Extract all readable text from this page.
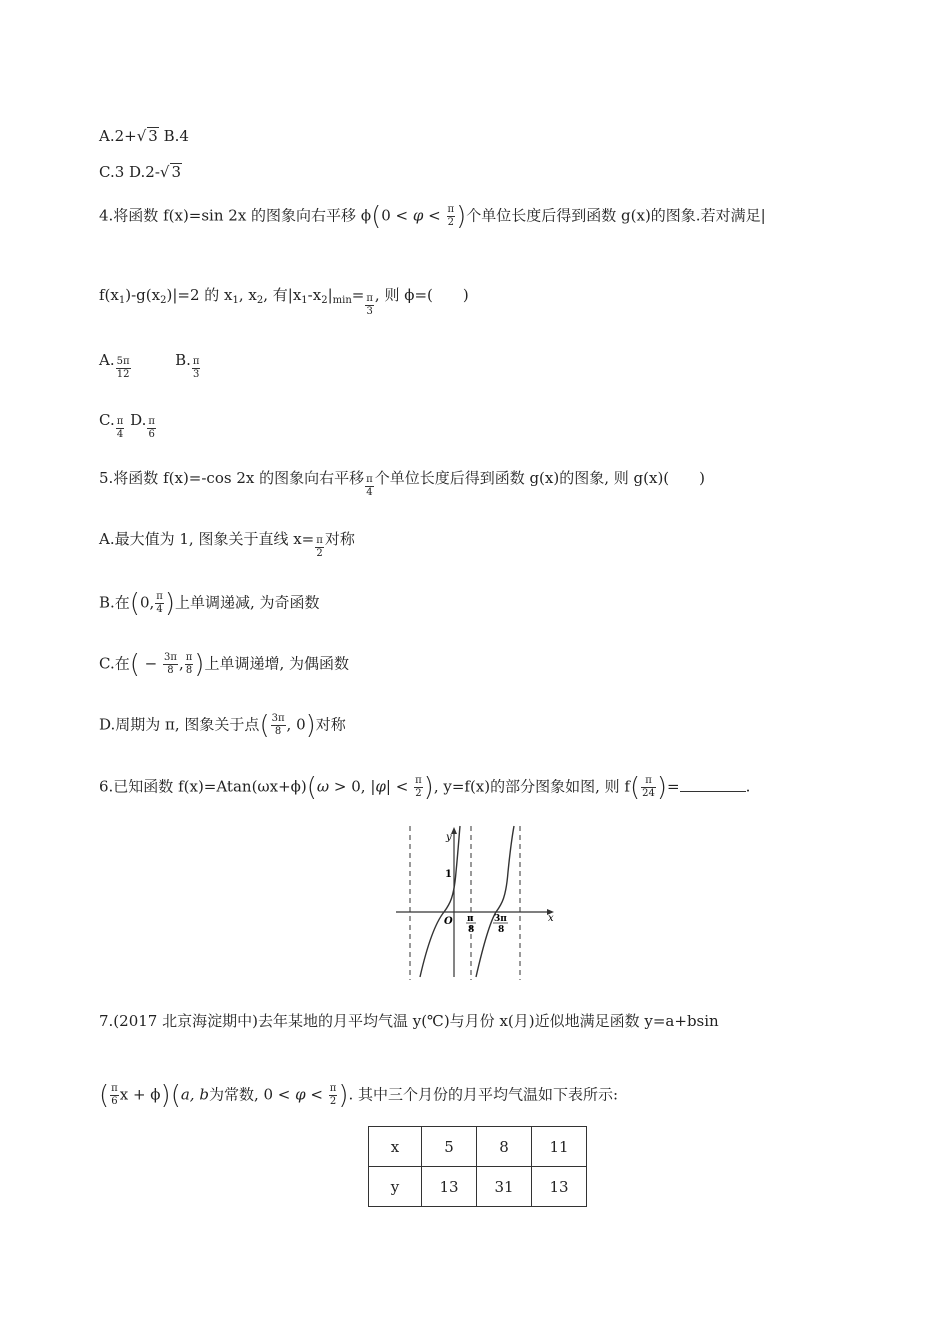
A.2+√ 3 B.4
C.3 D.2-√ 3
4.将函数 f(x)=sin 2x 的图象向右平移 $\phi(0 < \varphi < \frac{\pi}{2}$ )个单位长度后得到函数 g(x)的图象.若对满足|
$f(x_1)-g(x_2)|=2$ 的 $x_1$, $x_2$, 有$|x_1-x_2|_{min}= \frac{\pi}{3}$ , 则 ϕ=(　　)
A. $\frac{5\pi}{12}$	B. $\frac{\pi}{3}$
C. $\frac{\pi}{4} D$. $\frac{\pi}{6}$
5.将函数 f(x)=-cos 2x 的图象向右平移 $\frac{\pi}{4}$ 个单位长度后得到函数 g(x)的图象, 则 g(x)(　　)
A.最大值为 1, 图象关于直线 $x= \frac{\pi}{2}$ 对称
B.在(0, $\frac{\pi}{4}$ )上单调递减, 为奇函数
C.在( − $\frac{3\pi}{8}$ , $\frac{\pi}{8}$ )上单调递增, 为偶函数
D.周期为 π, 图象关于点( $\frac{3\pi}{8}$ , 0)对称
6.已知函数 f(x)=Atan(ωx+ϕ)(ω > 0, $|\varphi| < \frac{\pi}{2}$ ), y=f(x)的部分图象如图, 则 $f( \frac{\pi}{24}$ )=	.
y
x
O
1
π
8
3π
8
7.(2017 北京海淀期中)去年某地的月平均气温 y(℃)与月份 x(月)近似地满足函数 y=a+bsin
( $\frac{\pi}{6}$ x + ϕ)(a, b为常数, $0 < \varphi < \frac{\pi}{2}$ ). 其中三个月份的月平均气温如下表所示:
x	5	8	11
y	13	31	13
